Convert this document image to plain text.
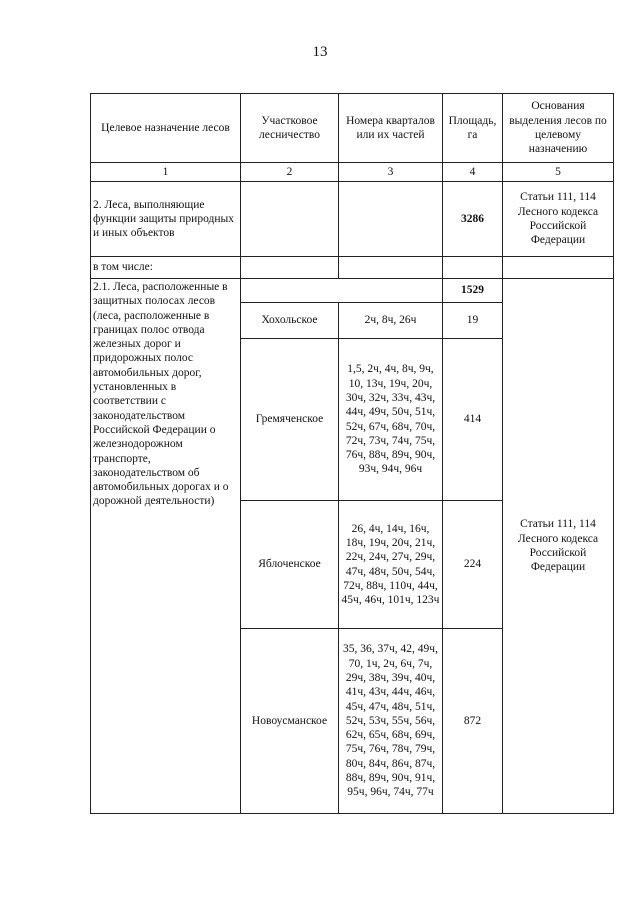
13
Целевое назначение лесов	Участковое лесничество	Номера кварталов или их частей	Площадь, га	Основания выделения лесов по целевому назначению
1	2	3	4	5
2. Леса, выполняющие функции защиты природных и иных объектов			3286	Статьи 111, 114 Лесного кодекса Российской Федерации
в том числе:				
2.1. Леса, расположенные в защитных полосах лесов (леса, расположенные в границах полос отвода железных дорог и придорожных полос автомобильных дорог, установленных в соответствии с законодательством Российской Федерации о железнодорожном транспорте, законодательством об автомобильных дорогах и о дорожной деятельности)			1529	Статьи 111, 114 Лесного кодекса Российской Федерации
	Хохольское	2ч, 8ч, 26ч	19	
	Гремяченское	1,5, 2ч, 4ч, 8ч, 9ч, 10, 13ч, 19ч, 20ч, 30ч, 32ч, 33ч, 43ч, 44ч, 49ч, 50ч, 51ч, 52ч, 67ч, 68ч, 70ч, 72ч, 73ч, 74ч, 75ч, 76ч, 88ч, 89ч, 90ч, 93ч, 94ч, 96ч	414	
	Яблоченское	26, 4ч, 14ч, 16ч, 18ч, 19ч, 20ч, 21ч, 22ч, 24ч, 27ч, 29ч, 47ч, 48ч, 50ч, 54ч, 72ч, 88ч, 110ч, 44ч, 45ч, 46ч, 101ч, 123ч	224	
	Новоусманское	35, 36, 37ч, 42, 49ч, 70, 1ч, 2ч, 6ч, 7ч, 29ч, 38ч, 39ч, 40ч, 41ч, 43ч, 44ч, 46ч, 45ч, 47ч, 48ч, 51ч, 52ч, 53ч, 55ч, 56ч, 62ч, 65ч, 68ч, 69ч, 75ч, 76ч, 78ч, 79ч, 80ч, 84ч, 86ч, 87ч, 88ч, 89ч, 90ч, 91ч, 95ч, 96ч, 74ч, 77ч	872	
